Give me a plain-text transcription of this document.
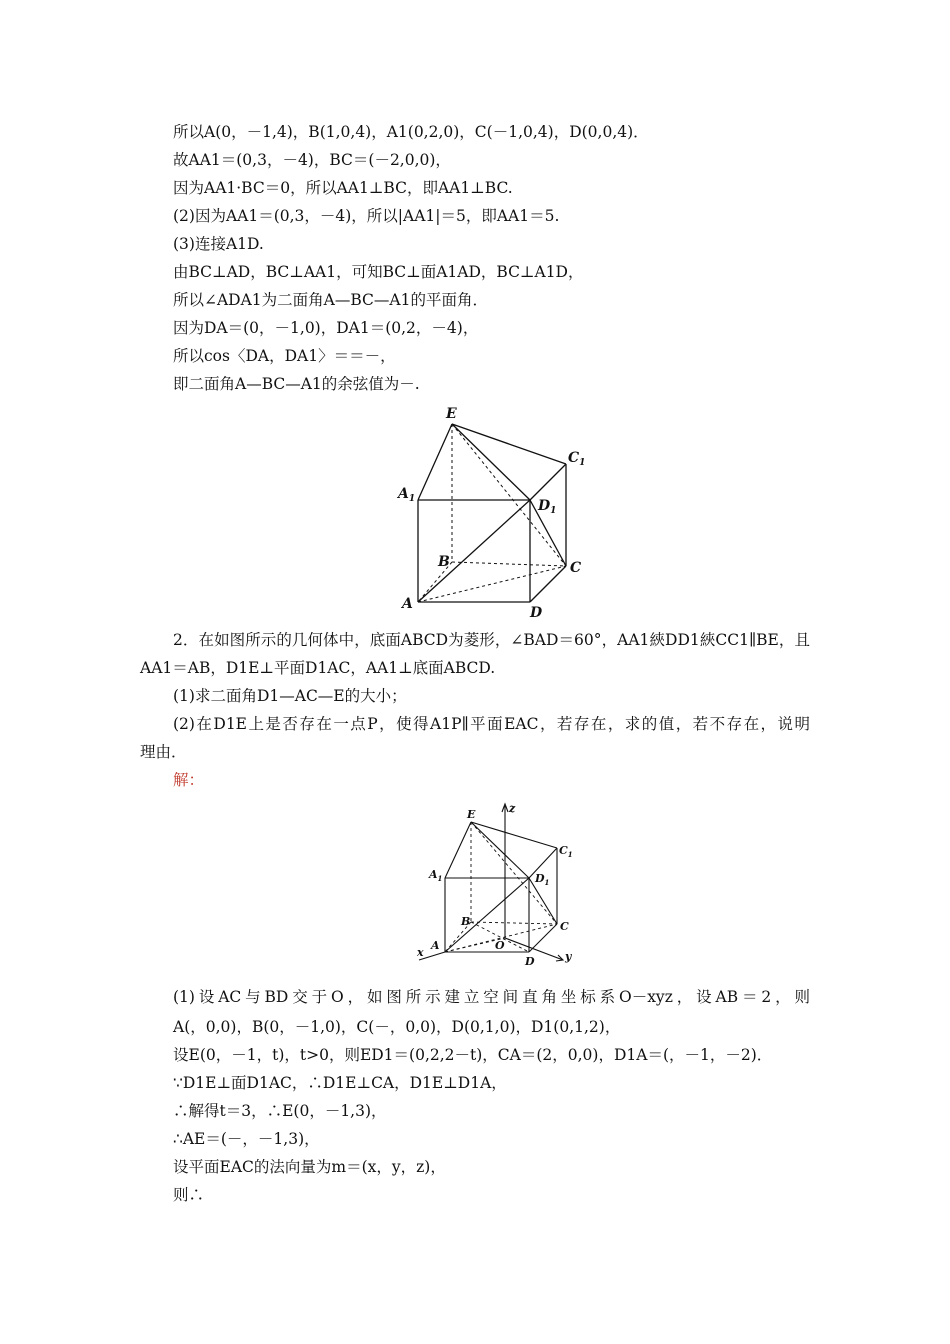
所以A(0，－1,4)，B(1,0,4)，A1(0,2,0)，C(－1,0,4)，D(0,0,4)．
故AA1＝(0,3，－4)，BC＝(－2,0,0)，
因为AA1·BC＝0，所以AA1⊥BC，即AA1⊥BC.
(2)因为AA1＝(0,3，－4)，所以|AA1|＝5，即AA1＝5.
(3)连接A1D.
由BC⊥AD，BC⊥AA1，可知BC⊥面A1AD，BC⊥A1D，
所以∠ADA1为二面角A—BC—A1的平面角．
因为DA＝(0，－1,0)，DA1＝(0,2，－4)，
所以cos〈DA，DA1〉＝＝－，
即二面角A—BC—A1的余弦值为－.
E
$C_1$
$A_1$	$D_1$
B	C
A
D
2．在如图所示的几何体中，底面ABCD为菱形，∠BAD＝60°，AA1綊DD1綊CC1∥BE，且
AA1＝AB，D1E⊥平面D1AC，AA1⊥底面ABCD.
(1)求二面角D1—AC—E的大小；
(2)在D1E上是否存在一点P，使得A1P∥平面EAC，若存在，求的值，若不存在，说明
理由．
解：
z
E
$C_1$
$A_1$	$D_1$
B	C
A	O
x
D	y
(1)设AC与BD交于O，如图所示建立空间直角坐标系O－xyz，设AB＝2，则
A(，0,0)，B(0，－1,0)，C(－，0,0)，D(0,1,0)，D1(0,1,2)，
设E(0，－1，t)，t>0，则ED1＝(0,2,2－t)，CA＝(2，0,0)，D1A＝(，－1，－2)．
∵D1E⊥面D1AC，∴D1E⊥CA，D1E⊥D1A，
∴解得t＝3，∴E(0，－1,3)，
∴AE＝(－，－1,3)，
设平面EAC的法向量为m＝(x，y，z)，
则∴
